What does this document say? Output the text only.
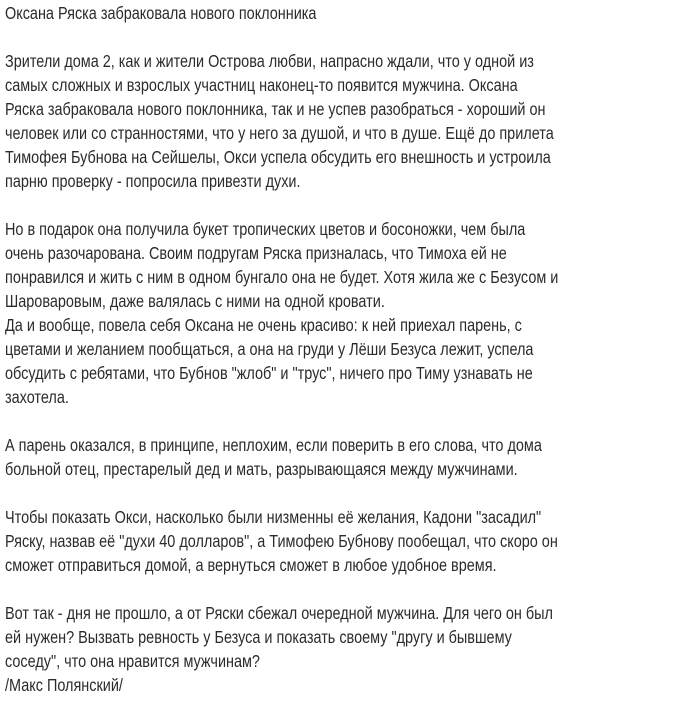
Оксана Ряска забраковала нового поклонника
Зрители дома 2, как и жители Острова любви, напрасно ждали, что у одной из
самых сложных и взрослых участниц наконец-то появится мужчина. Оксана
Ряска забраковала нового поклонника, так и не успев разобраться - хороший он
человек или со странностями, что у него за душой, и что в душе. Ещё до прилета
Тимофея Бубнова на Сейшелы, Окси успела обсудить его внешность и устроила
парню проверку - попросила привезти духи.
Но в подарок она получила букет тропических цветов и босоножки, чем была
очень разочарована. Своим подругам Ряска призналась, что Тимоха ей не
понравился и жить с ним в одном бунгало она не будет. Хотя жила же с Безусом и
Шароваровым, даже валялась с ними на одной кровати.
Да и вообще, повела себя Оксана не очень красиво: к ней приехал парень, с
цветами и желанием пообщаться, а она на груди у Лёши Безуса лежит, успела
обсудить с ребятами, что Бубнов "жлоб" и "трус", ничего про Тиму узнавать не
захотела.
А парень оказался, в принципе, неплохим, если поверить в его слова, что дома
больной отец, престарелый дед и мать, разрывающаяся между мужчинами.
Чтобы показать Окси, насколько были низменны её желания, Кадони "засадил"
Ряску, назвав её "духи 40 долларов", а Тимофею Бубнову пообещал, что скоро он
сможет отправиться домой, а вернуться сможет в любое удобное время.
Вот так - дня не прошло, а от Ряски сбежал очередной мужчина. Для чего он был
ей нужен? Вызвать ревность у Безуса и показать своему "другу и бывшему
соседу", что она нравится мужчинам?
/Макс Полянский/
